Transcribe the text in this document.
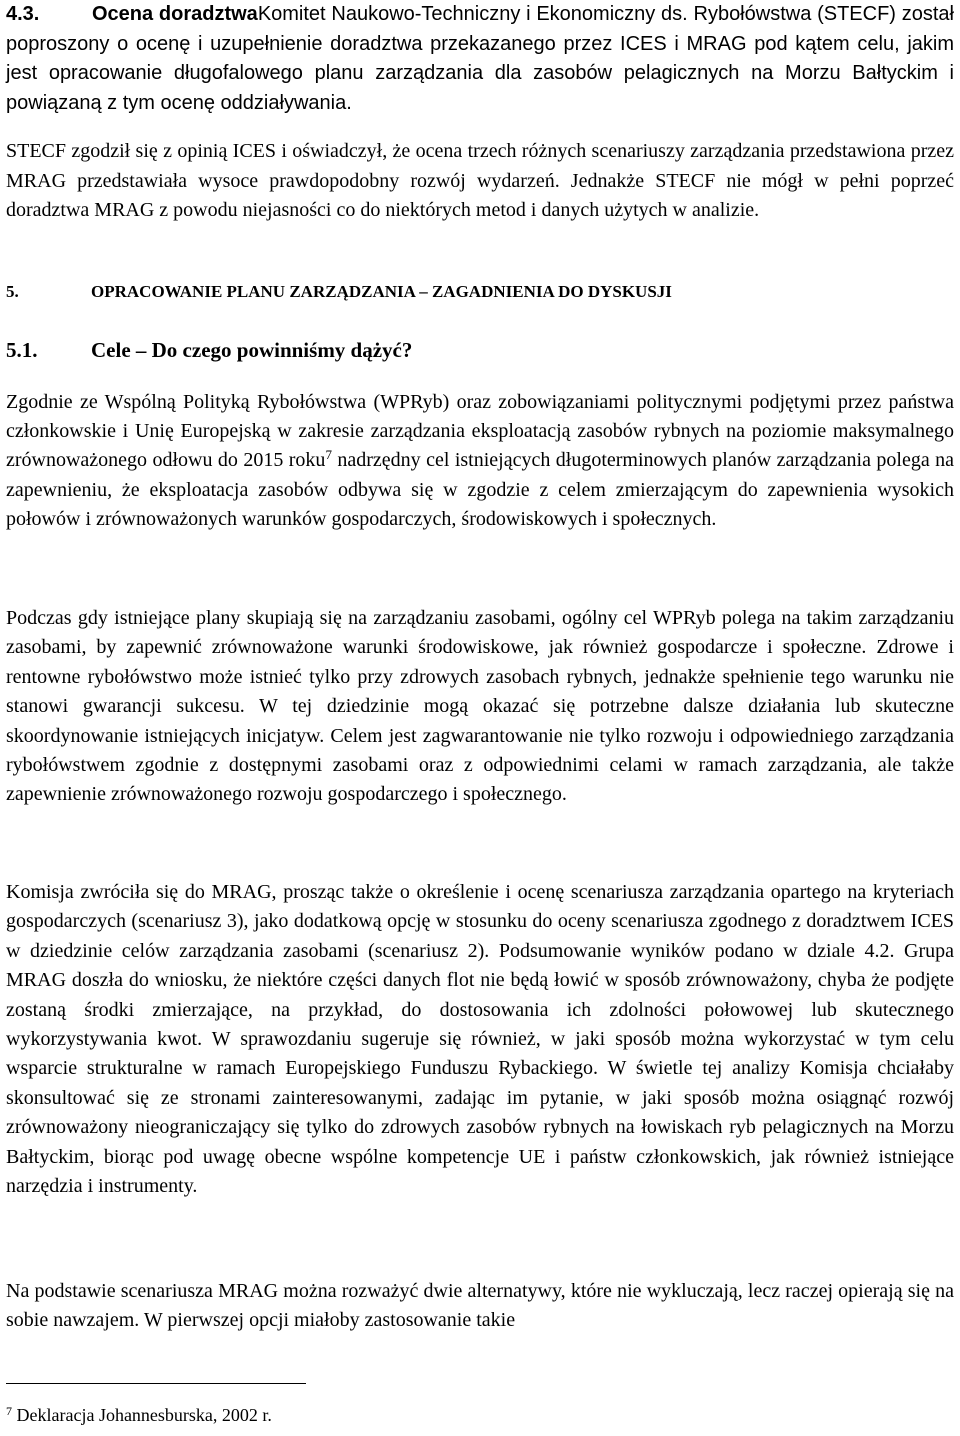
4.3.	Ocena doradztwaKomitet Naukowo-Techniczny i Ekonomiczny ds. Rybołówstwa (STECF) został poproszony o ocenę i uzupełnienie doradztwa przekazanego przez ICES i MRAG pod kątem celu, jakim jest opracowanie długofalowego planu zarządzania dla zasobów pelagicznych na Morzu Bałtyckim i powiązaną z tym ocenę oddziaływania.

STECF zgodził się z opinią ICES i oświadczył, że ocena trzech różnych scenariuszy zarządzania przedstawiona przez MRAG przedstawiała wysoce prawdopodobny rozwój wydarzeń. Jednakże STECF nie mógł w pełni poprzeć doradztwa MRAG z powodu niejasności co do niektórych metod i danych użytych w analizie.

5.	OPRACOWANIE PLANU ZARZĄDZANIA – ZAGADNIENIA DO DYSKUSJI
5.1.	Cele – Do czego powinniśmy dążyć?

Zgodnie ze Wspólną Polityką Rybołówstwa (WPRyb) oraz zobowiązaniami politycznymi podjętymi przez państwa członkowskie i Unię Europejską w zakresie zarządzania eksploatacją zasobów rybnych na poziomie maksymalnego zrównoważonego odłowu do 2015 roku$^7$ nadrzędny cel istniejących długoterminowych planów zarządzania polega na zapewnieniu, że eksploatacja zasobów odbywa się w zgodzie z celem zmierzającym do zapewnienia wysokich połowów i zrównoważonych warunków gospodarczych, środowiskowych i społecznych.

Podczas gdy istniejące plany skupiają się na zarządzaniu zasobami, ogólny cel WPRyb polega na takim zarządzaniu zasobami, by zapewnić zrównoważone warunki środowiskowe, jak również gospodarcze i społeczne. Zdrowe i rentowne rybołówstwo może istnieć tylko przy zdrowych zasobach rybnych, jednakże spełnienie tego warunku nie stanowi gwarancji sukcesu. W tej dziedzinie mogą okazać się potrzebne dalsze działania lub skuteczne skoordynowanie istniejących inicjatyw. Celem jest zagwarantowanie nie tylko rozwoju i odpowiedniego zarządzania rybołówstwem zgodnie z dostępnymi zasobami oraz z odpowiednimi celami w ramach zarządzania, ale także zapewnienie zrównoważonego rozwoju gospodarczego i społecznego.

Komisja zwróciła się do MRAG, prosząc także o określenie i ocenę scenariusza zarządzania opartego na kryteriach gospodarczych (scenariusz 3), jako dodatkową opcję w stosunku do oceny scenariusza zgodnego z doradztwem ICES w dziedzinie celów zarządzania zasobami (scenariusz 2). Podsumowanie wyników podano w dziale 4.2. Grupa MRAG doszła do wniosku, że niektóre części danych flot nie będą łowić w sposób zrównoważony, chyba że podjęte zostaną środki zmierzające, na przykład, do dostosowania ich zdolności połowowej lub skutecznego wykorzystywania kwot. W sprawozdaniu sugeruje się również, w jaki sposób można wykorzystać w tym celu wsparcie strukturalne w ramach Europejskiego Funduszu Rybackiego. W świetle tej analizy Komisja chciałaby skonsultować się ze stronami zainteresowanymi, zadając im pytanie, w jaki sposób można osiągnąć rozwój zrównoważony nieograniczający się tylko do zdrowych zasobów rybnych na łowiskach ryb pelagicznych na Morzu Bałtyckim, biorąc pod uwagę obecne wspólne kompetencje UE i państw członkowskich, jak również istniejące narzędzia i instrumenty.

Na podstawie scenariusza MRAG można rozważyć dwie alternatywy, które nie wykluczają, lecz raczej opierają się na sobie nawzajem. W pierwszej opcji miałoby zastosowanie takie

$^7$ Deklaracja Johannesburska, 2002 r.
